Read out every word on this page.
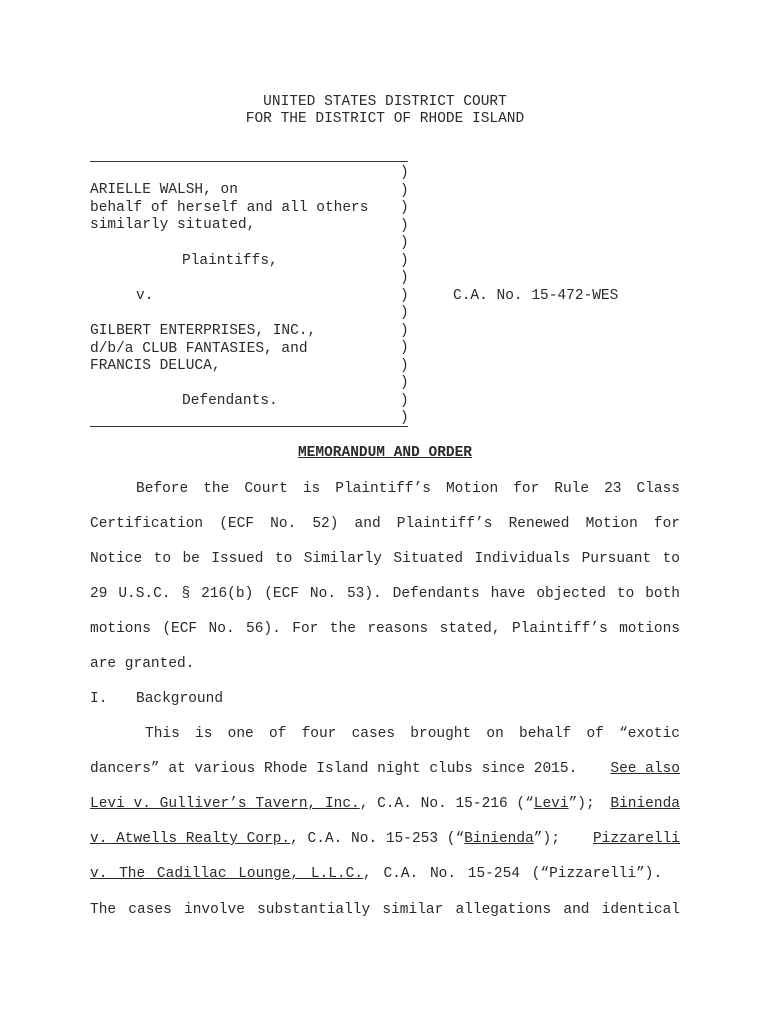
UNITED STATES DISTRICT COURT
FOR THE DISTRICT OF RHODE ISLAND
)
)
)
)
)
)
)
)
)
)
)
)
)
)
)
ARIELLE WALSH, on
behalf of herself and all others
similarly situated,
Plaintiffs,
v.	C.A. No. 15-472-WES
GILBERT ENTERPRISES, INC.,
d/b/a CLUB FANTASIES, and
FRANCIS DELUCA,
Defendants.
MEMORANDUM AND ORDER
Before the Court is Plaintiff’s Motion for Rule 23 Class
Certification (ECF No. 52) and Plaintiff’s Renewed Motion for
Notice to be Issued to Similarly Situated Individuals Pursuant to
29 U.S.C. § 216(b) (ECF No. 53). Defendants have objected to both
motions (ECF No. 56). For the reasons stated, Plaintiff’s motions
are granted.
I.	Background
This is one of four cases brought on behalf of “exotic
dancers” at various Rhode Island night clubs since 2015. See also
Levi v. Gulliver’s Tavern, Inc., C.A. No. 15-216 (“Levi”); Binienda
v. Atwells Realty Corp., C.A. No. 15-253 (“Binienda”); Pizzarelli
v. The Cadillac Lounge, L.L.C., C.A. No. 15-254 (“Pizzarelli”).
The cases involve substantially similar allegations and identical
